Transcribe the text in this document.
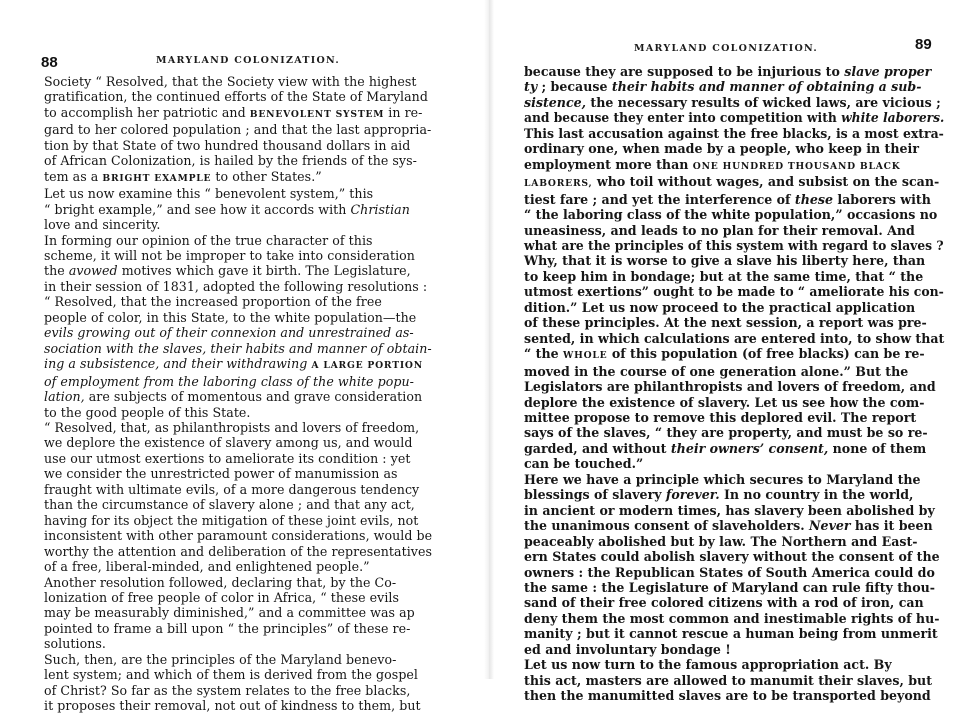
88	MARYLAND COLONIZATION.
Society “ Resolved, that the Society view with the highest
gratification, the continued efforts of the State of Maryland
to accomplish her patriotic and BENEVOLENT SYSTEM in re-
gard to her colored population ; and that the last appropria-
tion by that State of two hundred thousand dollars in aid
of African Colonization, is hailed by the friends of the sys-
tem as a BRIGHT EXAMPLE to other States.”
Let us now examine this “ benevolent system,” this
“ bright example,” and see how it accords with Christian
love and sincerity.
In forming our opinion of the true character of this
scheme, it will not be improper to take into consideration
the avowed motives which gave it birth. The Legislature,
in their session of 1831, adopted the following resolutions :
“ Resolved, that the increased proportion of the free
people of color, in this State, to the white population—the
evils growing out of their connexion and unrestrained as-
sociation with the slaves, their habits and manner of obtain-
ing a subsistence, and their withdrawing A LARGE PORTION
of employment from the laboring class of the white popu-
lation, are subjects of momentous and grave consideration
to the good people of this State.
“ Resolved, that, as philanthropists and lovers of freedom,
we deplore the existence of slavery among us, and would
use our utmost exertions to ameliorate its condition : yet
we consider the unrestricted power of manumission as
fraught with ultimate evils, of a more dangerous tendency
than the circumstance of slavery alone ; and that any act,
having for its object the mitigation of these joint evils, not
inconsistent with other paramount considerations, would be
worthy the attention and deliberation of the representatives
of a free, liberal-minded, and enlightened people.”
Another resolution followed, declaring that, by the Co-
lonization of free people of color in Africa, “ these evils
may be measurably diminished,” and a committee was ap
pointed to frame a bill upon “ the principles” of these re-
solutions.
Such, then, are the principles of the Maryland benevo-
lent system; and which of them is derived from the gospel
of Christ? So far as the system relates to the free blacks,
it proposes their removal, not out of kindness to them, but
89
MARYLAND COLONIZATION.
because they are supposed to be injurious to slave proper
ty ; because their habits and manner of obtaining a sub-
sistence, the necessary results of wicked laws, are vicious ;
and because they enter into competition with white laborers.
This last accusation against the free blacks, is a most extra-
ordinary one, when made by a people, who keep in their
employment more than ONE HUNDRED THOUSAND BLACK
LABORERS, who toil without wages, and subsist on the scan-
tiest fare ; and yet the interference of these laborers with
“ the laboring class of the white population,” occasions no
uneasiness, and leads to no plan for their removal. And
what are the principles of this system with regard to slaves ?
Why, that it is worse to give a slave his liberty here, than
to keep him in bondage; but at the same time, that “ the
utmost exertions” ought to be made to “ ameliorate his con-
dition.” Let us now proceed to the practical application
of these principles. At the next session, a report was pre-
sented, in which calculations are entered into, to show that
“ the WHOLE of this population (of free blacks) can be re-
moved in the course of one generation alone.” But the
Legislators are philanthropists and lovers of freedom, and
deplore the existence of slavery. Let us see how the com-
mittee propose to remove this deplored evil. The report
says of the slaves, “ they are property, and must be so re-
garded, and without their owners’ consent, none of them
can be touched.”
Here we have a principle which secures to Maryland the
blessings of slavery forever. In no country in the world,
in ancient or modern times, has slavery been abolished by
the unanimous consent of slaveholders. Never has it been
peaceably abolished but by law. The Northern and East-
ern States could abolish slavery without the consent of the
owners : the Republican States of South America could do
the same : the Legislature of Maryland can rule fifty thou-
sand of their free colored citizens with a rod of iron, can
deny them the most common and inestimable rights of hu-
manity ; but it cannot rescue a human being from unmerit
ed and involuntary bondage !
Let us now turn to the famous appropriation act. By
this act, masters are allowed to manumit their slaves, but
then the manumitted slaves are to be transported beyond
